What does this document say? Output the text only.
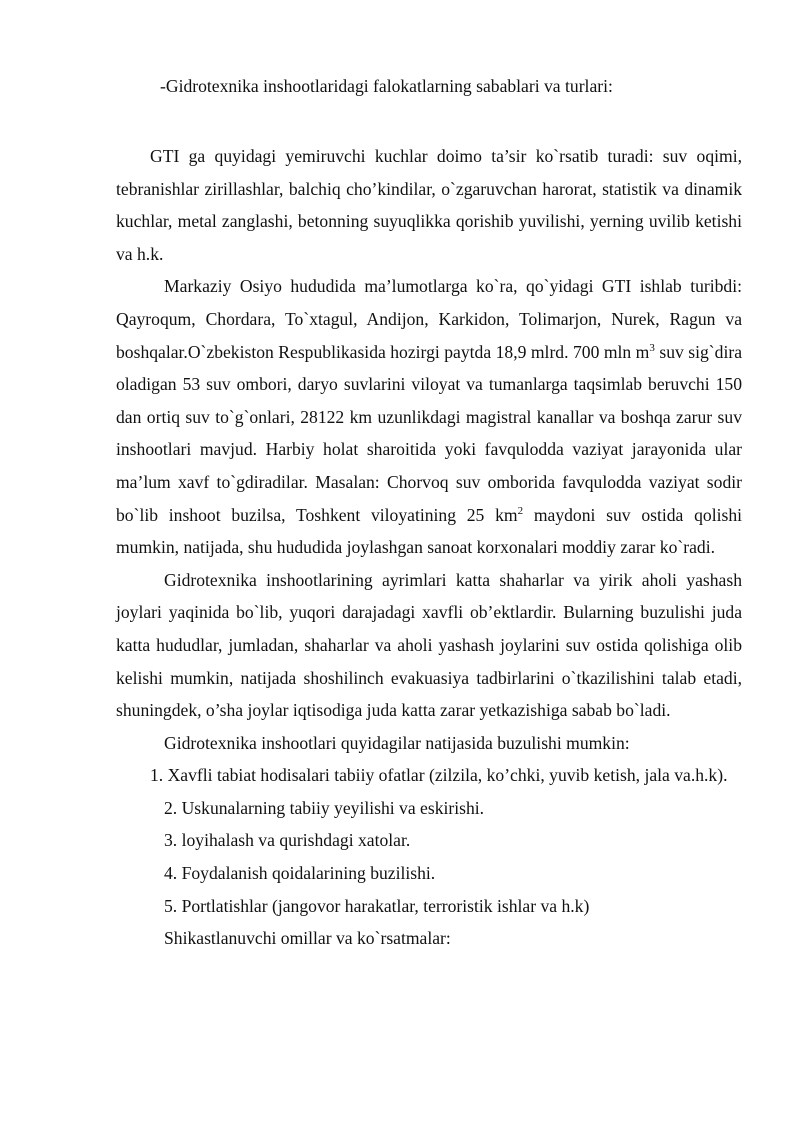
-Gidrotexnika inshootlaridagi falokatlarning sabablari va turlari:

GTI ga quyidagi yemiruvchi kuchlar doimo ta’sir ko`rsatib turadi: suv oqimi, tebranishlar zirillashlar, balchiq cho’kindilar, o`zgaruvchan harorat, statistik va dinamik kuchlar, metal zanglashi, betonning suyuqlikka qorishib yuvilishi, yerning uvilib ketishi va h.k.

Markaziy Osiyo hududida ma’lumotlarga ko`ra, qo`yidagi GTI ishlab turibdi: Qayroqum, Chordara, To`xtagul, Andijon, Karkidon, Tolimarjon, Nurek, Ragun va boshqalar.O`zbekiston Respublikasida hozirgi paytda 18,9 mlrd. 700 mln $m^3$ suv sig`dira oladigan 53 suv ombori, daryo suvlarini viloyat va tumanlarga taqsimlab beruvchi 150 dan ortiq suv to`g`onlari, 28122 km uzunlikdagi magistral kanallar va boshqa zarur suv inshootlari mavjud. Harbiy holat sharoitida yoki favqulodda vaziyat jarayonida ular ma’lum xavf to`gdiradilar. Masalan: Chorvoq suv omborida favqulodda vaziyat sodir bo`lib inshoot buzilsa, Toshkent viloyatining 25 $km^2$ maydoni suv ostida qolishi mumkin, natijada, shu hududida joylashgan sanoat korxonalari moddiy zarar ko`radi.

Gidrotexnika inshootlarining ayrimlari katta shaharlar va yirik aholi yashash joylari yaqinida bo`lib, yuqori darajadagi xavfli ob’ektlardir. Bularning buzulishi juda katta hududlar, jumladan, shaharlar va aholi yashash joylarini suv ostida qolishiga olib kelishi mumkin, natijada shoshilinch evakuasiya tadbirlarini o`tkazilishini talab etadi, shuningdek, o’sha joylar iqtisodiga juda katta zarar yetkazishiga sabab bo`ladi.

Gidrotexnika inshootlari quyidagilar natijasida buzulishi mumkin:

1. Xavfli tabiat hodisalari tabiiy ofatlar (zilzila, ko’chki, yuvib ketish, jala va.h.k).

2. Uskunalarning tabiiy yeyilishi va eskirishi.

3. loyihalash va qurishdagi xatolar.

4. Foydalanish qoidalarining buzilishi.

5. Portlatishlar (jangovor harakatlar, terroristik ishlar va h.k)

Shikastlanuvchi omillar va ko`rsatmalar:
